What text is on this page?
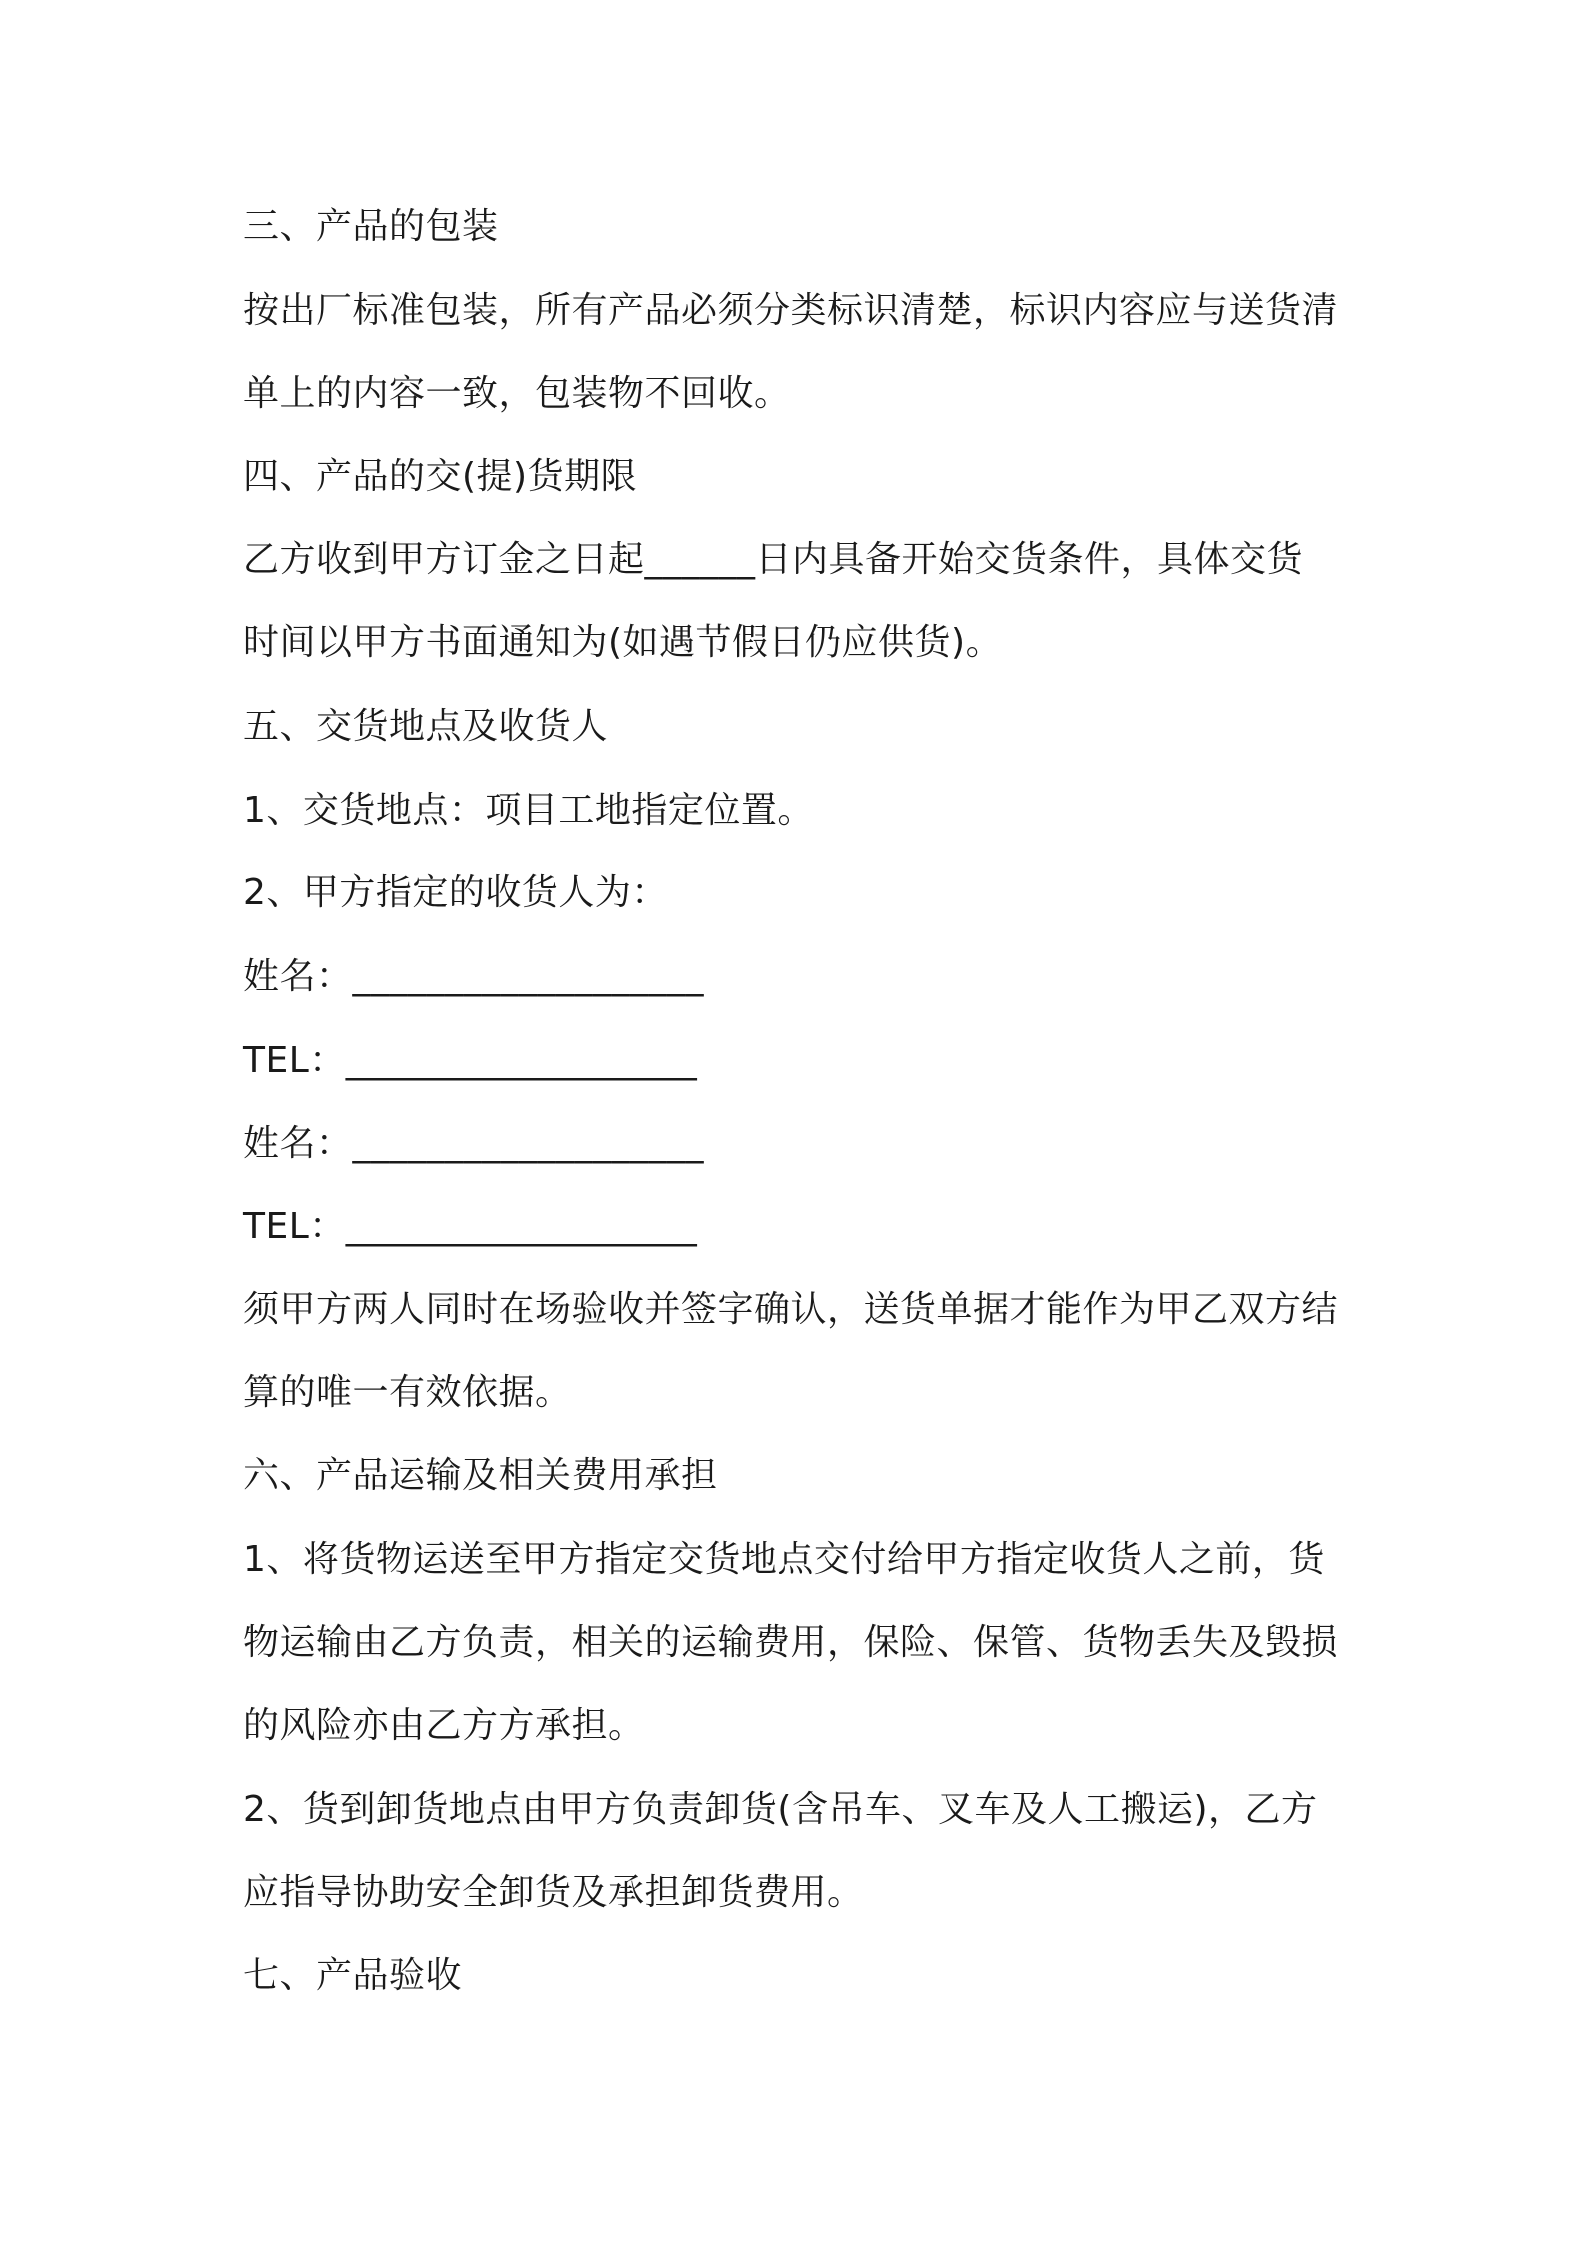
三、产品的包装
按出厂标准包装，所有产品必须分类标识清楚，标识内容应与送货清
单上的内容一致，包装物不回收。
四、产品的交(提)货期限
乙方收到甲方订金之日起______日内具备开始交货条件，具体交货
时间以甲方书面通知为(如遇节假日仍应供货)。
五、交货地点及收货人
1、交货地点：项目工地指定位置。
2、甲方指定的收货人为：
姓名：___________________
TEL：___________________
姓名：___________________
TEL：___________________
须甲方两人同时在场验收并签字确认，送货单据才能作为甲乙双方结
算的唯一有效依据。
六、产品运输及相关费用承担
1、将货物运送至甲方指定交货地点交付给甲方指定收货人之前，货
物运输由乙方负责，相关的运输费用，保险、保管、货物丢失及毁损
的风险亦由乙方方承担。
2、货到卸货地点由甲方负责卸货(含吊车、叉车及人工搬运)，乙方
应指导协助安全卸货及承担卸货费用。
七、产品验收
